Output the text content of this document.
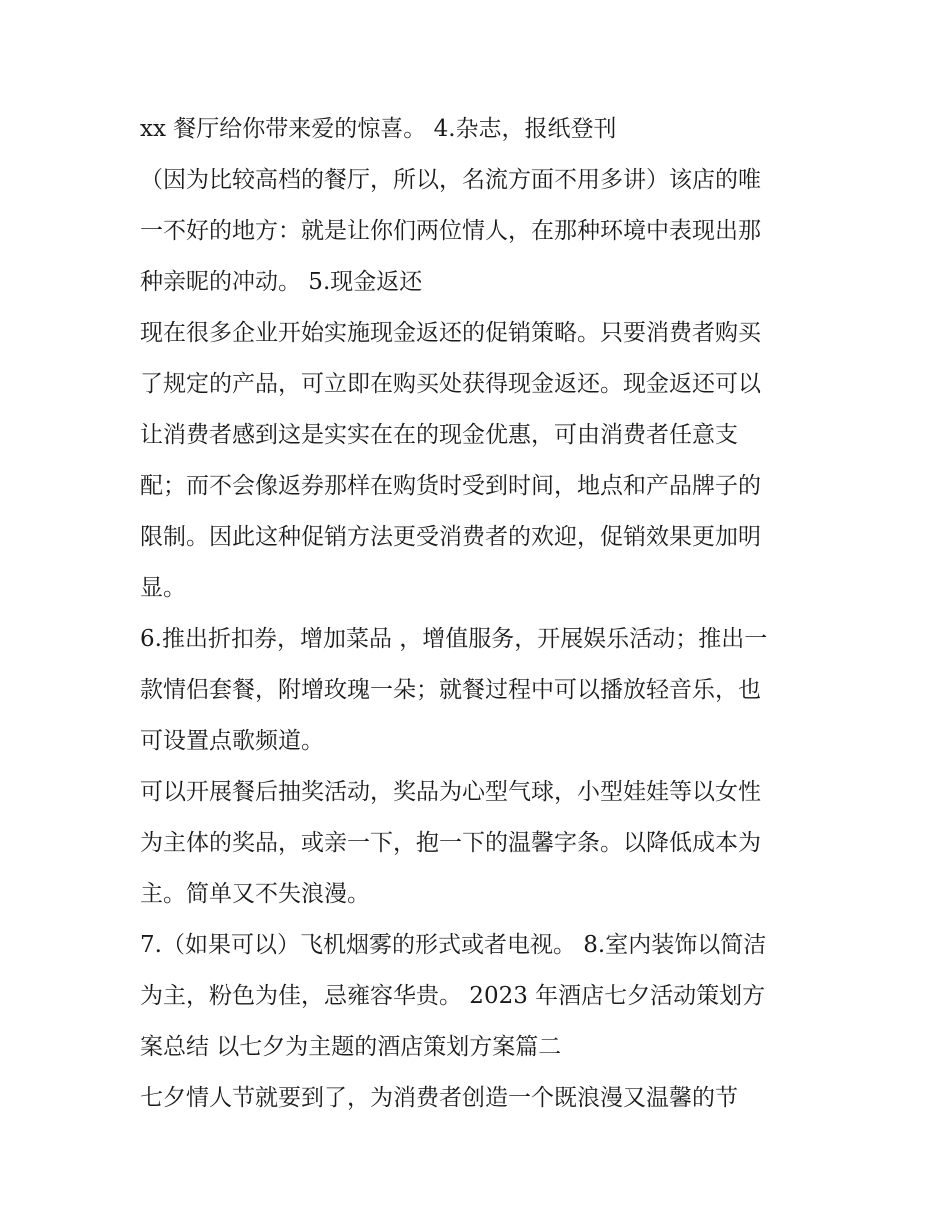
xx 餐厅给你带来爱的惊喜。 4.杂志，报纸登刊
（因为比较高档的餐厅，所以，名流方面不用多讲）该店的唯
一不好的地方：就是让你们两位情人，在那种环境中表现出那
种亲昵的冲动。 5.现金返还
现在很多企业开始实施现金返还的促销策略。只要消费者购买
了规定的产品，可立即在购买处获得现金返还。现金返还可以
让消费者感到这是实实在在的现金优惠，可由消费者任意支
配；而不会像返券那样在购货时受到时间，地点和产品牌子的
限制。因此这种促销方法更受消费者的欢迎，促销效果更加明
显。
6.推出折扣券，增加菜品 ，增值服务，开展娱乐活动；推出一
款情侣套餐，附增玫瑰一朵；就餐过程中可以播放轻音乐，也
可设置点歌频道。
可以开展餐后抽奖活动，奖品为心型气球，小型娃娃等以女性
为主体的奖品，或亲一下，抱一下的温馨字条。以降低成本为
主。简单又不失浪漫。
7.（如果可以）飞机烟雾的形式或者电视。 8.室内装饰以简洁
为主，粉色为佳，忌雍容华贵。 2023 年酒店七夕活动策划方
案总结 以七夕为主题的酒店策划方案篇二
七夕情人节就要到了，为消费者创造一个既浪漫又温馨的节
